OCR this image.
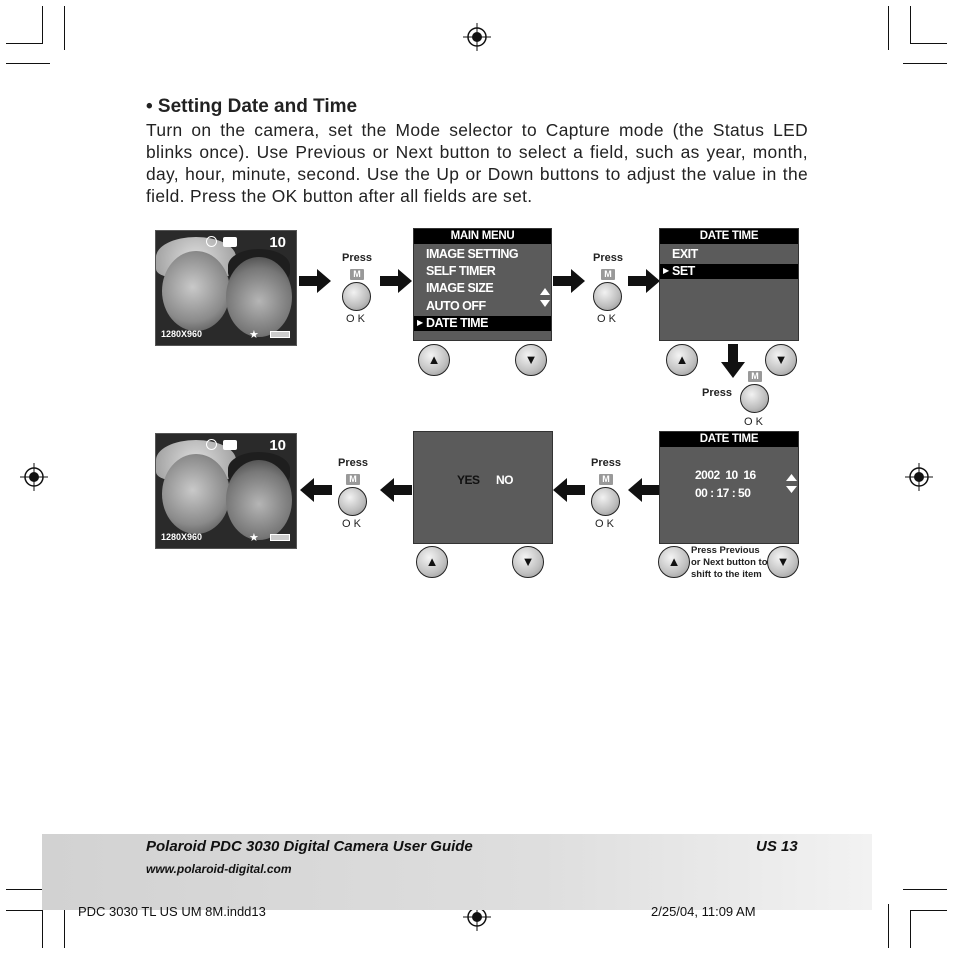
• Setting Date and Time
Turn on the camera, set the Mode selector to Capture mode (the Status LED blinks once). Use Previous or Next button to select a field, such as year, month, day, hour, minute, second. Use the Up or Down buttons to adjust the value in the field. Press the OK button after all fields are set.
10
1280X960	★
Press
M
OK
MAIN MENU
IMAGE SETTING
SELF TIMER
IMAGE SIZE
AUTO OFF
▶ DATE TIME
▲	▼
Press
M
OK
DATE TIME
EXIT
▶ SET
▲	▼
M
OK
Press
10
1280X960	★
Press
M
OK
YES NO
▲	▼
Press
M
OK
DATE TIME
2002  10  16
00 : 17 : 50
▲	▼
Press Previous or Next button to shift to the item
Polaroid PDC 3030 Digital Camera User Guide	US 13
www.polaroid-digital.com
PDC 3030 TL US UM 8M.indd13	2/25/04, 11:09 AM
